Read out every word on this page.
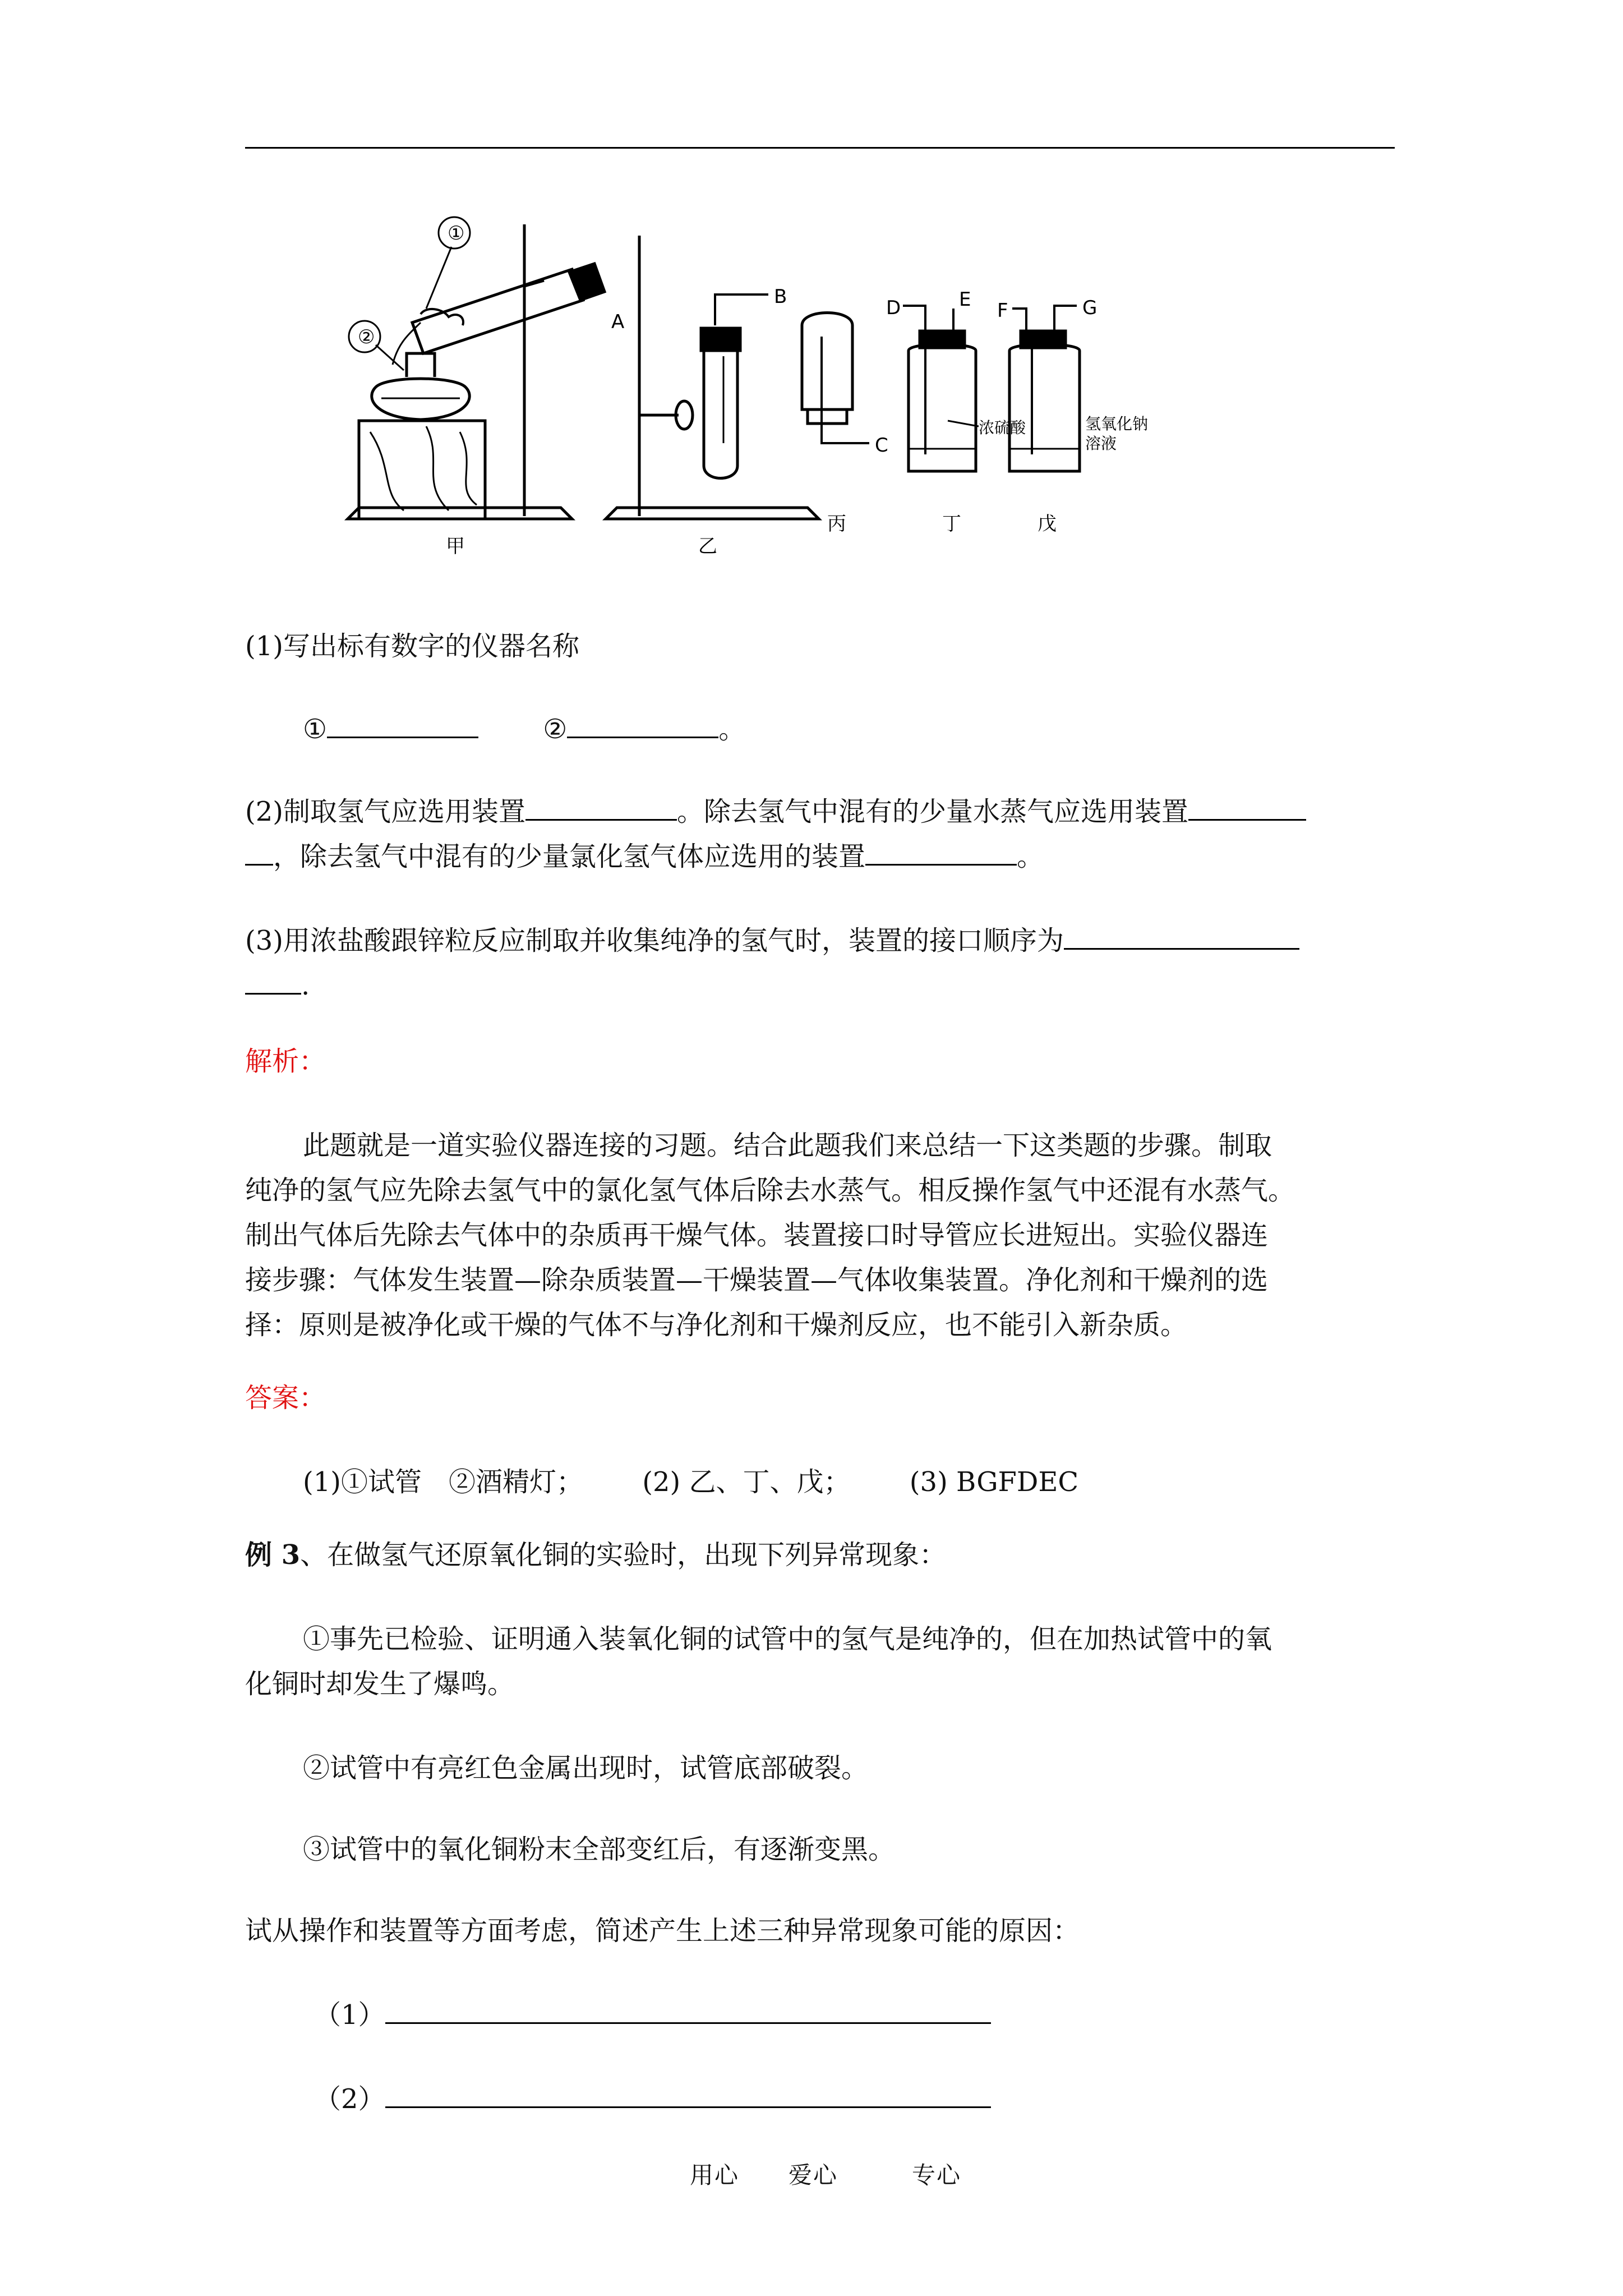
①
②
A
B
C
D	E F	G
浓硫酸	氢氧化钠
溶液
甲	乙
丙	丁	戊
(1)写出标有数字的仪器名称
①	②	。
(2)制取氢气应选用装置	。除去氢气中混有的少量水蒸气应选用装置
，除去氢气中混有的少量氯化氢气体应选用的装置	。
(3)用浓盐酸跟锌粒反应制取并收集纯净的氢气时，装置的接口顺序为
.
解析：
此题就是一道实验仪器连接的习题。结合此题我们来总结一下这类题的步骤。制取
纯净的氢气应先除去氢气中的氯化氢气体后除去水蒸气。相反操作氢气中还混有水蒸气。
制出气体后先除去气体中的杂质再干燥气体。装置接口时导管应长进短出。实验仪器连
接步骤：气体发生装置—除杂质装置—干燥装置—气体收集装置。净化剂和干燥剂的选
择：原则是被净化或干燥的气体不与净化剂和干燥剂反应，也不能引入新杂质。
答案：
(1)①试管　②酒精灯； (2) 乙、丁、戊； (3) BGFDEC
例 3、在做氢气还原氧化铜的实验时，出现下列异常现象：
①事先已检验、证明通入装氧化铜的试管中的氢气是纯净的，但在加热试管中的氧
化铜时却发生了爆鸣。
②试管中有亮红色金属出现时，试管底部破裂。
③试管中的氧化铜粉末全部变红后，有逐渐变黑。
试从操作和装置等方面考虑，简述产生上述三种异常现象可能的原因：
（1）
（2）
用心　　爱心　　　专心
